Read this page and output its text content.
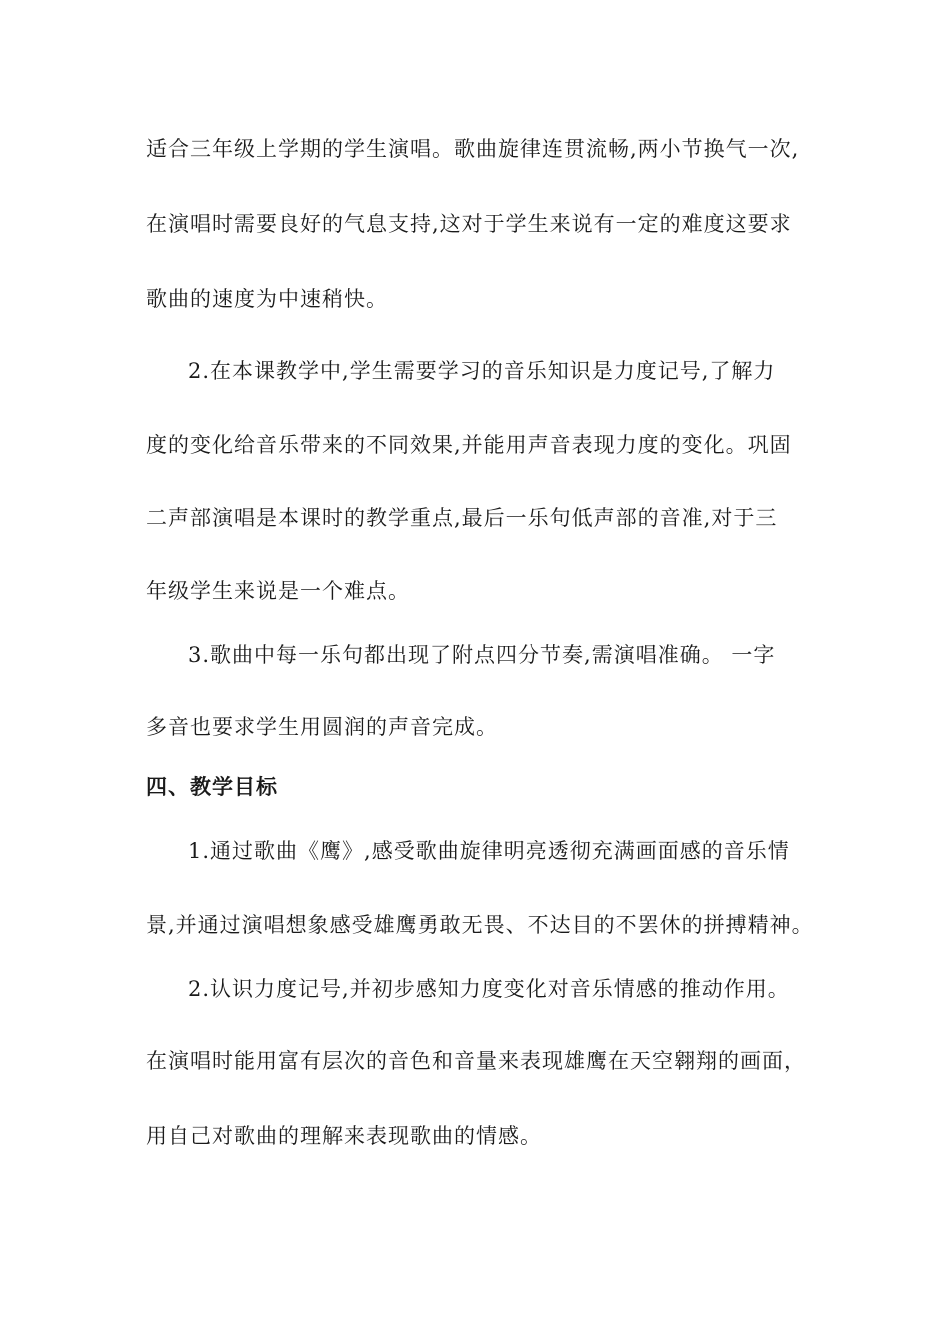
适合三年级上学期的学生演唱。歌曲旋律连贯流畅,两小节换气一次,
在演唱时需要良好的气息支持,这对于学生来说有一定的难度这要求
歌曲的速度为中速稍快。
2.在本课教学中,学生需要学习的音乐知识是力度记号,了解力
度的变化给音乐带来的不同效果,并能用声音表现力度的变化。巩固
二声部演唱是本课时的教学重点,最后一乐句低声部的音准,对于三
年级学生来说是一个难点。
3.歌曲中每一乐句都出现了附点四分节奏,需演唱准确。 一字
多音也要求学生用圆润的声音完成。
四、教学目标
1.通过歌曲《鹰》,感受歌曲旋律明亮透彻充满画面感的音乐情
景,并通过演唱想象感受雄鹰勇敢无畏、不达目的不罢休的拼搏精神。
2.认识力度记号,并初步感知力度变化对音乐情感的推动作用。
在演唱时能用富有层次的音色和音量来表现雄鹰在天空翱翔的画面，
用自己对歌曲的理解来表现歌曲的情感。
